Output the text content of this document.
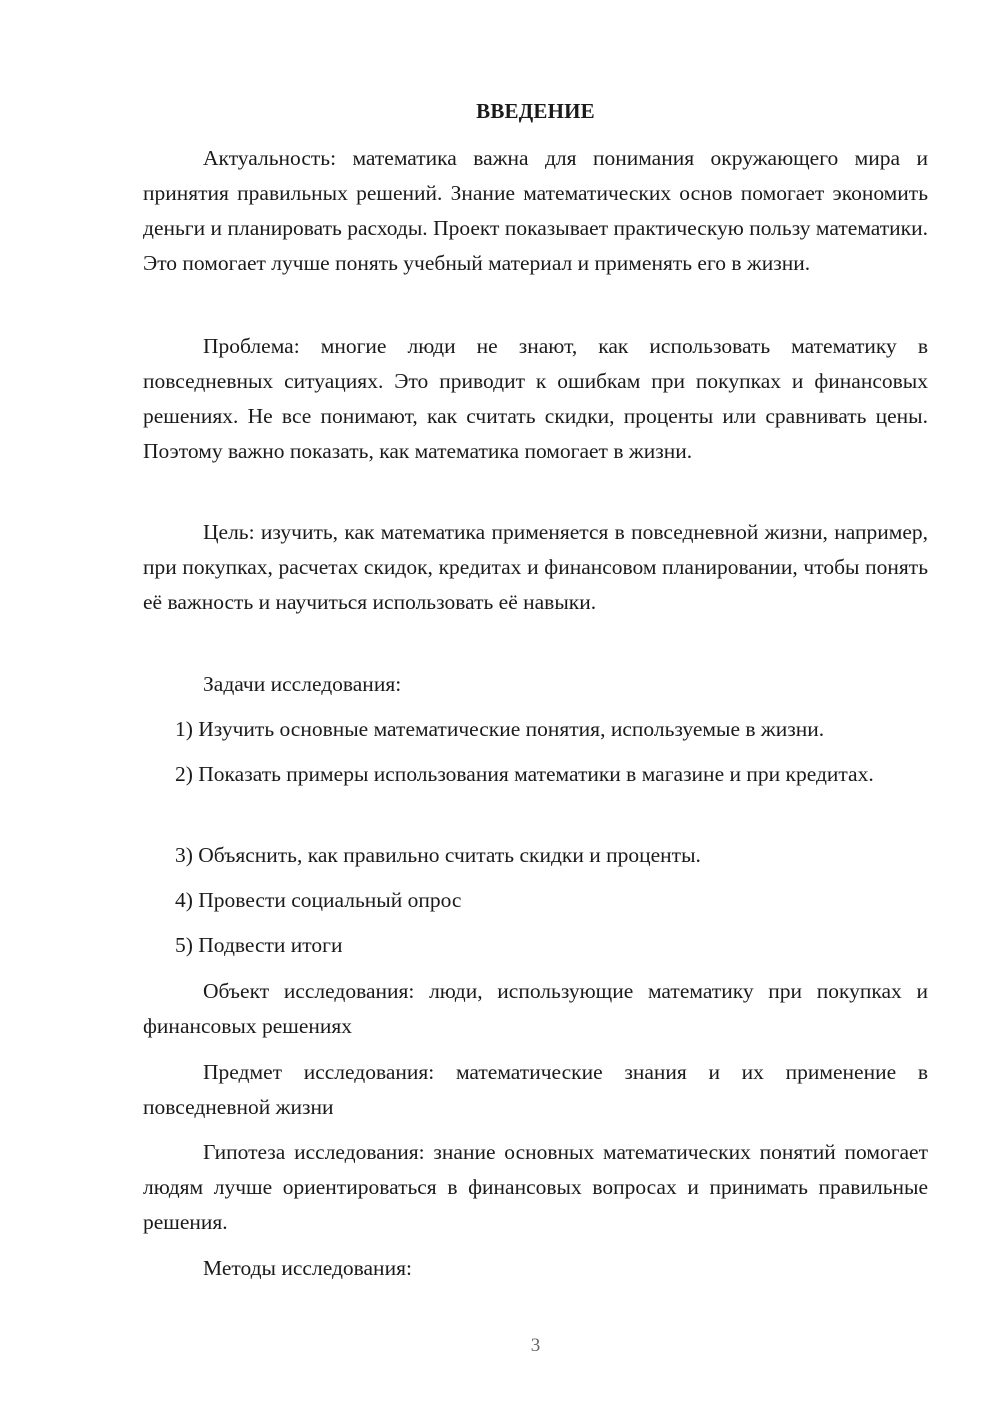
ВВЕДЕНИЕ

Актуальность: математика важна для понимания окружающего мира и принятия правильных решений. Знание математических основ помогает экономить деньги и планировать расходы. Проект показывает практическую пользу математики. Это помогает лучше понять учебный материал и применять его в жизни.

Проблема: многие люди не знают, как использовать математику в повседневных ситуациях. Это приводит к ошибкам при покупках и финансовых решениях. Не все понимают, как считать скидки, проценты или сравнивать цены. Поэтому важно показать, как математика помогает в жизни.

Цель: изучить, как математика применяется в повседневной жизни, например, при покупках, расчетах скидок, кредитах и финансовом планировании, чтобы понять её важность и научиться использовать её навыки.

Задачи исследования:

1) Изучить основные математические понятия, используемые в жизни.

2) Показать примеры использования математики в магазине и при кредитах.

3) Объяснить, как правильно считать скидки и проценты.

4) Провести социальный опрос

5) Подвести итоги

Объект исследования: люди, использующие математику при покупках и финансовых решениях

Предмет исследования: математические знания и их применение в повседневной жизни

Гипотеза исследования: знание основных математических понятий помогает людям лучше ориентироваться в финансовых вопросах и принимать правильные решения.

Методы исследования:

3
